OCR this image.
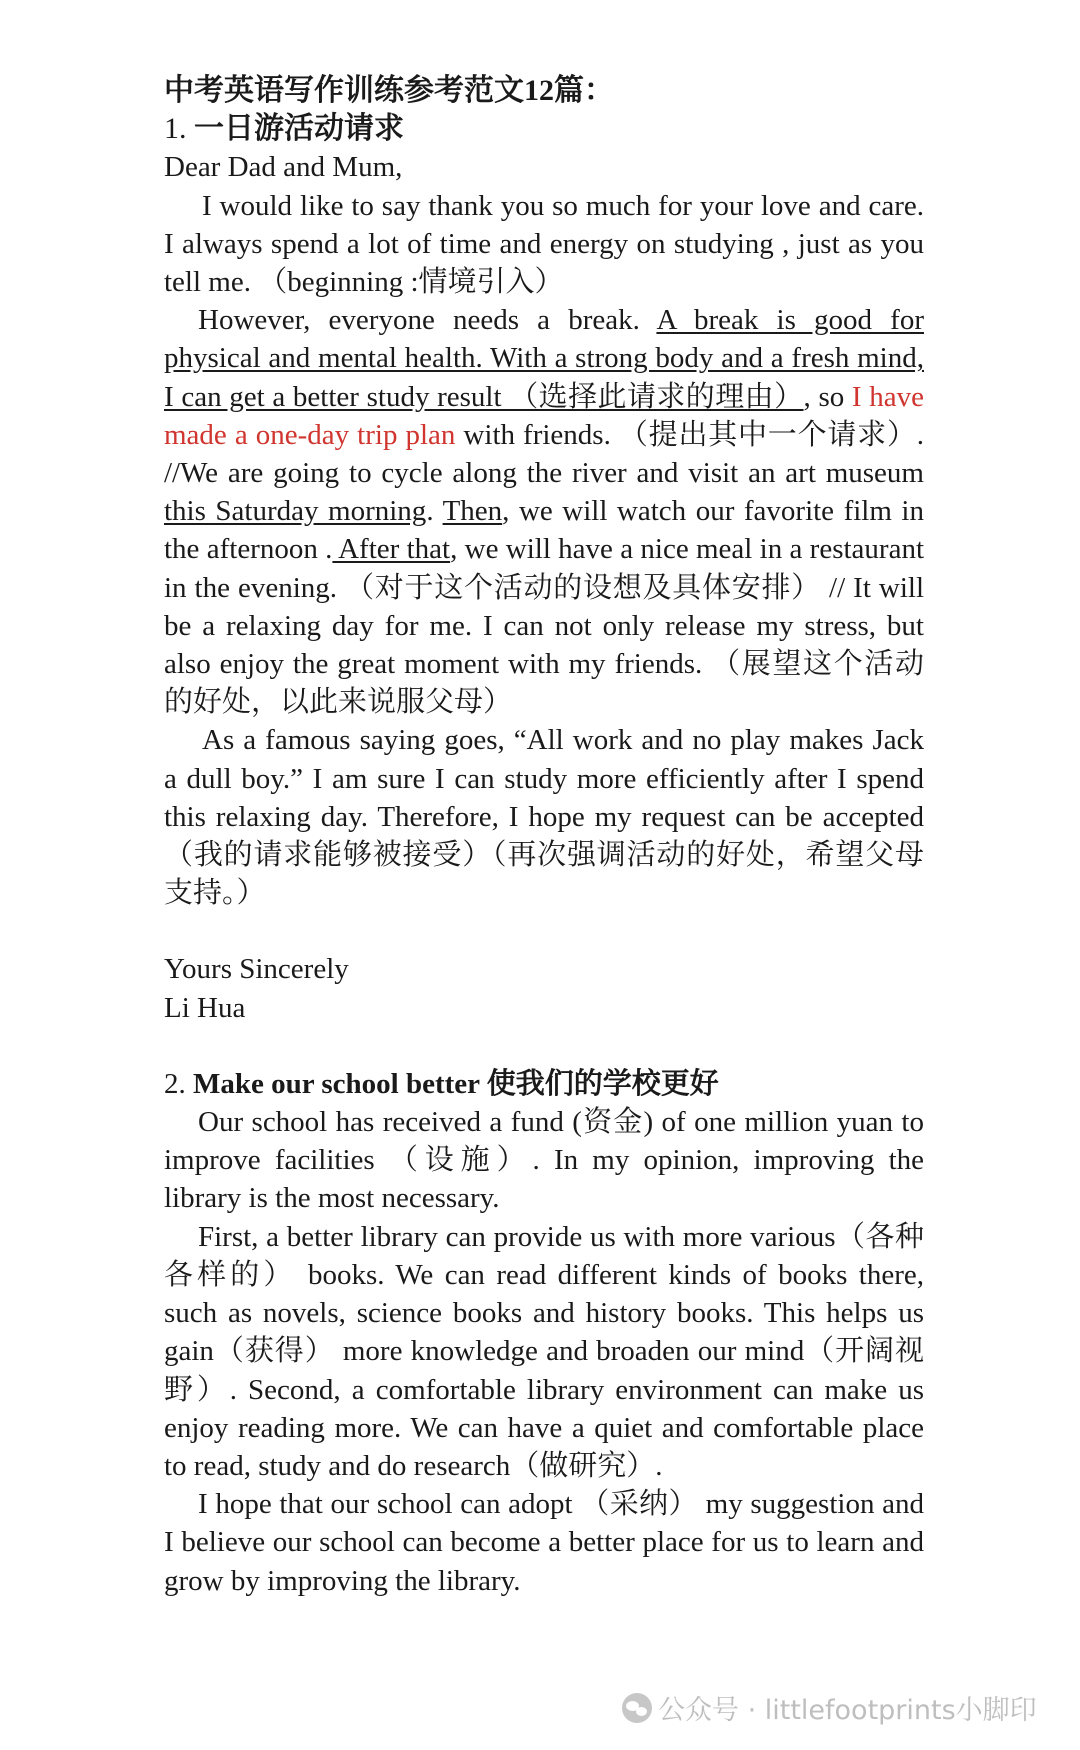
中考英语写作训练参考范文12篇：

1. 一日游活动请求

Dear Dad and Mum,

I would like to say thank you so much for your love and care. I always spend a lot of time and energy on studying , just as you tell me. （beginning :情境引入）

However, everyone needs a break. A break is good for physical and mental health. With a strong body and a fresh mind, I can get a better study result （选择此请求的理由）, so I have made a one-day trip plan with friends. （提出其中一个请求）. //We are going to cycle along the river and visit an art museum this Saturday morning. Then, we will watch our favorite film in the afternoon . After that, we will have a nice meal in a restaurant in the evening. （对于这个活动的设想及具体安排） // It will be a relaxing day for me. I can not only release my stress, but also enjoy the great moment with my friends. （展望这个活动的好处，以此来说服父母）

As a famous saying goes, “All work and no play makes Jack a dull boy.” I am sure I can study more efficiently after I spend this relaxing day. Therefore, I hope my request can be accepted（我的请求能够被接受）（再次强调活动的好处，希望父母支持。）

Yours Sincerely

Li Hua

2. Make our school better 使我们的学校更好

Our school has received a fund (资金) of one million yuan to improve facilities （设施）. In my opinion, improving the library is the most necessary.

First, a better library can provide us with more various（各种各样的） books. We can read different kinds of books there, such as novels, science books and history books. This helps us gain（获得） more knowledge and broaden our mind（开阔视野）. Second, a comfortable library environment can make us enjoy reading more. We can have a quiet and comfortable place to read, study and do research（做研究）.

I hope that our school can adopt （采纳） my suggestion and I believe our school can become a better place for us to learn and grow by improving the library.

公众号 · littlefootprints小脚印
